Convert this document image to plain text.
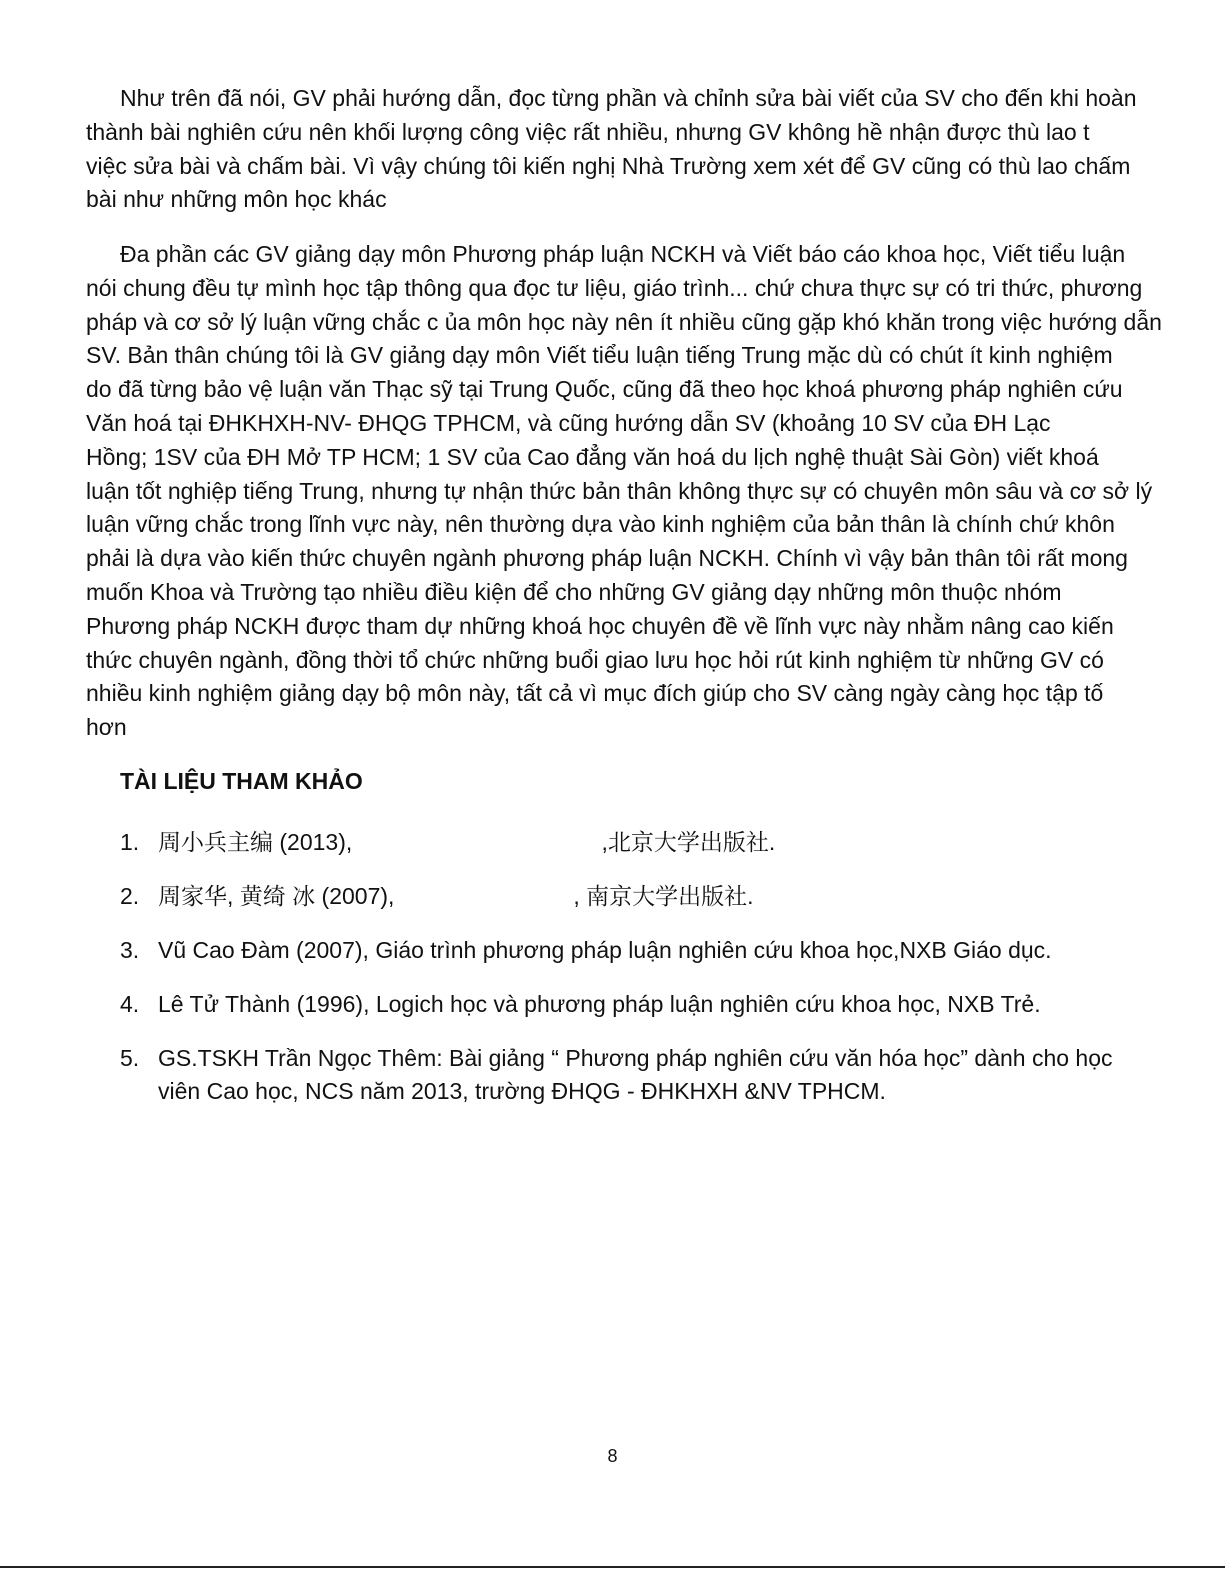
Như trên đã nói, GV phải hướng dẫn, đọc từng phần và chỉnh sửa bài viết của SV cho đến khi hoàn
thành bài nghiên cứu nên khối lượng công việc rất nhiều, nhưng GV không hề nhận được thù lao t
việc sửa bài và chấm bài. Vì vậy chúng tôi kiến nghị Nhà Trường xem xét để GV cũng có thù lao chấm
bài như những môn học khác
Đa phần các GV giảng dạy môn Phương pháp luận NCKH và Viết báo cáo khoa học, Viết tiểu luận
nói chung đều tự mình học tập thông qua đọc tư liệu, giáo trình... chứ chưa thực sự có tri thức, phương
pháp và cơ sở lý luận vững chắc c ủa môn học này nên ít nhiều cũng gặp khó khăn trong việc hướng dẫn
SV. Bản thân chúng tôi là GV giảng dạy môn Viết tiểu luận tiếng Trung mặc dù có chút ít kinh nghiệm
do đã từng bảo vệ luận văn Thạc sỹ tại Trung Quốc, cũng đã theo học khoá phương pháp nghiên cứu
Văn hoá tại ĐHKHXH-NV- ĐHQG TPHCM, và cũng hướng dẫn SV (khoảng 10 SV của ĐH Lạc
Hồng; 1SV của ĐH Mở TP HCM; 1 SV của Cao đẳng văn hoá du lịch nghệ thuật Sài Gòn) viết khoá
luận tốt nghiệp tiếng Trung, nhưng tự nhận thức bản thân không thực sự có chuyên môn sâu và cơ sở lý
luận vững chắc trong lĩnh vực này, nên thường dựa vào kinh nghiệm của bản thân là chính chứ khôn
phải là dựa vào kiến thức chuyên ngành phương pháp luận NCKH. Chính vì vậy bản thân tôi rất mong
muốn Khoa và Trường tạo nhiều điều kiện để cho những GV giảng dạy những môn thuộc nhóm
Phương pháp NCKH được tham dự những khoá học chuyên đề về lĩnh vực này nhằm nâng cao kiến
thức chuyên ngành, đồng thời tổ chức những buổi giao lưu học hỏi rút kinh nghiệm từ những GV có
nhiều kinh nghiệm giảng dạy bộ môn này, tất cả vì mục đích giúp cho SV càng ngày càng học tập tố
hơn
TÀI LIỆU THAM KHẢO
1. 周小兵主编 (2013),                                       ,北京大学出版社.
2. 周家华, 黄绮 冰 (2007),                            , 南京大学出版社.
3. Vũ Cao Đàm (2007), Giáo trình phương pháp luận nghiên cứu khoa học,NXB Giáo dục.
4. Lê Tử Thành (1996), Logich học và phương pháp luận nghiên cứu khoa học, NXB Trẻ.
5. GS.TSKH Trần Ngọc Thêm: Bài giảng “ Phương pháp nghiên cứu văn hóa học” dành cho học
viên Cao học, NCS năm 2013, trường ĐHQG - ĐHKHXH &NV TPHCM.
8
